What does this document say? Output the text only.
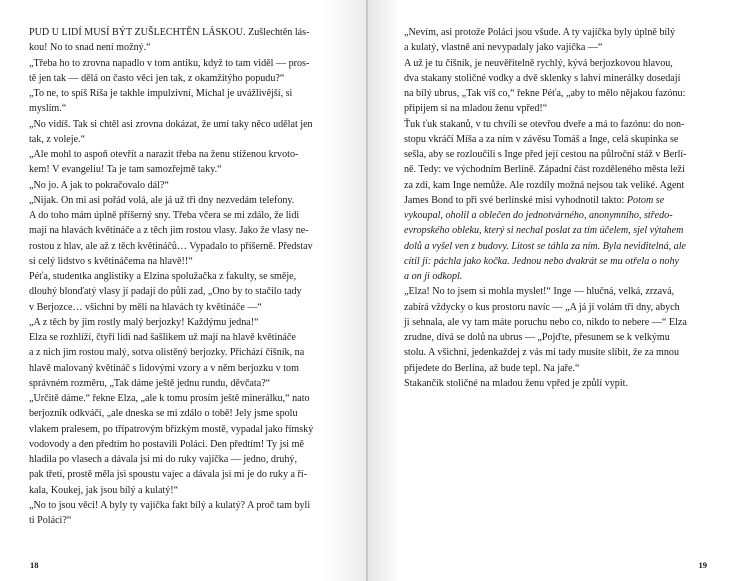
PUD U LIDÍ MUSÍ BÝT ZUŠLECHTĚN LÁSKOU. Zušlechtěn lás-
kou! No to snad není možný.“
„Třeba ho to zrovna napadlo v tom antiku, když to tam viděl — pros-
tě jen tak — dělá on často věci jen tak, z okamžitýho popudu?“
„To ne, to spíš Ríša je takhle impulzivní, Michal je uvážlivější, si
myslím.“
„No vidíš. Tak si chtěl asi zrovna dokázat, že umí taky něco udělat jen
tak, z voleje.“
„Ale mohl to aspoň otevřít a narazit třeba na ženu stiženou krvoto-
kem! V evangeliu! Ta je tam samozřejmě taky.“
„No jo. A jak to pokračovalo dál?“
„Nijak. On mi asi pořád volá, ale já už tři dny nezvedám telefony.
A do toho mám úplně příšerný sny. Třeba včera se mi zdálo, že lidi
mají na hlavách květináče a z těch jim rostou vlasy. Jako že vlasy ne-
rostou z hlav, ale až z těch květináčů… Vypadalo to příšerně. Představ
si celý lidstvo s květináčema na hlavě!!“
Péťa, studentka anglistiky a Elzina spolužačka z fakulty, se směje,
dlouhý blonďatý vlasy jí padají do půli zad, „Ono by to stačilo tady
v Berjozce… všichni by měli na hlavách ty květináče —“
„A z těch by jim rostly malý berjozky! Každýmu jedna!“
Elza se rozhlíží, čtyři lidi nad šašlikem už mají na hlavě květináče
a z nich jim rostou malý, sotva olistěný berjozky. Přichází číšník, na
hlavě malovaný květináč s lidovými vzory a v něm berjozku v tom
správném rozměru, „Tak dáme ještě jednu rundu, děvčata?“
„Určitě dáme.“ řekne Elza, „ale k tomu prosím ještě minerálku,“ nato
berjozník odkváčí, „ale dneska se mi zdálo o tobě! Jely jsme spolu
vlakem pralesem, po třípatrovým břízkým mostě, vypadal jako římský
vodovody a den předtím ho postavili Poláci. Den předtím! Ty jsi mě
hladila po vlasech a dávala jsi mi do ruky vajíčka — jedno, druhý,
pak třetí, prostě měla jsi spoustu vajec a dávala jsi mi je do ruky a ří-
kala, Koukej, jak jsou bílý a kulatý!“
„No to jsou věci! A byly ty vajíčka fakt bílý a kulatý? A proč tam byli
ti Poláci?“
18
„Nevím, asi protože Poláci jsou všude. A ty vajíčka byly úplně bílý
a kulatý, vlastně ani nevypadaly jako vajíčka —“
A už je tu číšník, je neuvěřitelně rychlý, kývá berjozkovou hlavou,
dva stakany stoličné vodky a dvě sklenky s lahví minerálky dosedají
na bílý ubrus, „Tak víš co,“ řekne Péťa, „aby to mělo nějakou fazónu:
připijem si na mladou ženu vpřed!“
Ťuk ťuk stakanů, v tu chvíli se otevřou dveře a má to fazónu: do non-
stopu vkráčí Míša a za ním v závěsu Tomáš a Inge, celá skupinka se
sešla, aby se rozloučili s Inge před její cestou na půlroční stáž v Berlí-
ně. Tedy: ve východním Berlíně. Západní část rozděleného města leží
za zdí, kam Inge nemůže. Ale rozdíly možná nejsou tak veliké. Agent
James Bond to při své berlínské misi vyhodnotil takto: Potom se
vykoupal, oholil a oblečen do jednotvárného, anonymního, středo-
evropského obleku, který si nechal poslat za tím účelem, sjel výtahem
dolů a vyšel ven z budovy. Litost se táhla za ním. Byla neviditelná, ale
cítil ji: páchla jako kočka. Jednou nebo dvakrát se mu otřela o nohy
a on ji odkopl.
„Elza! No to jsem si mohla myslet!“ Inge — hlučná, velká, zrzavá,
zabírá vždycky o kus prostoru navíc — „A já jí volám tři dny, abych
ji sehnala, ale vy tam máte poruchu nebo co, nikdo to nebere —“ Elza
zrudne, dívá se dolů na ubrus — „Pojďte, přesunem se k velkýmu
stolu. A všichni, jedenkaždej z vás mi tady musíte slíbit, že za mnou
přijedete do Berlína, až bude tepl. Na jaře.“
Stakančík stoličné na mladou ženu vpřed je způlí vypit.
19
